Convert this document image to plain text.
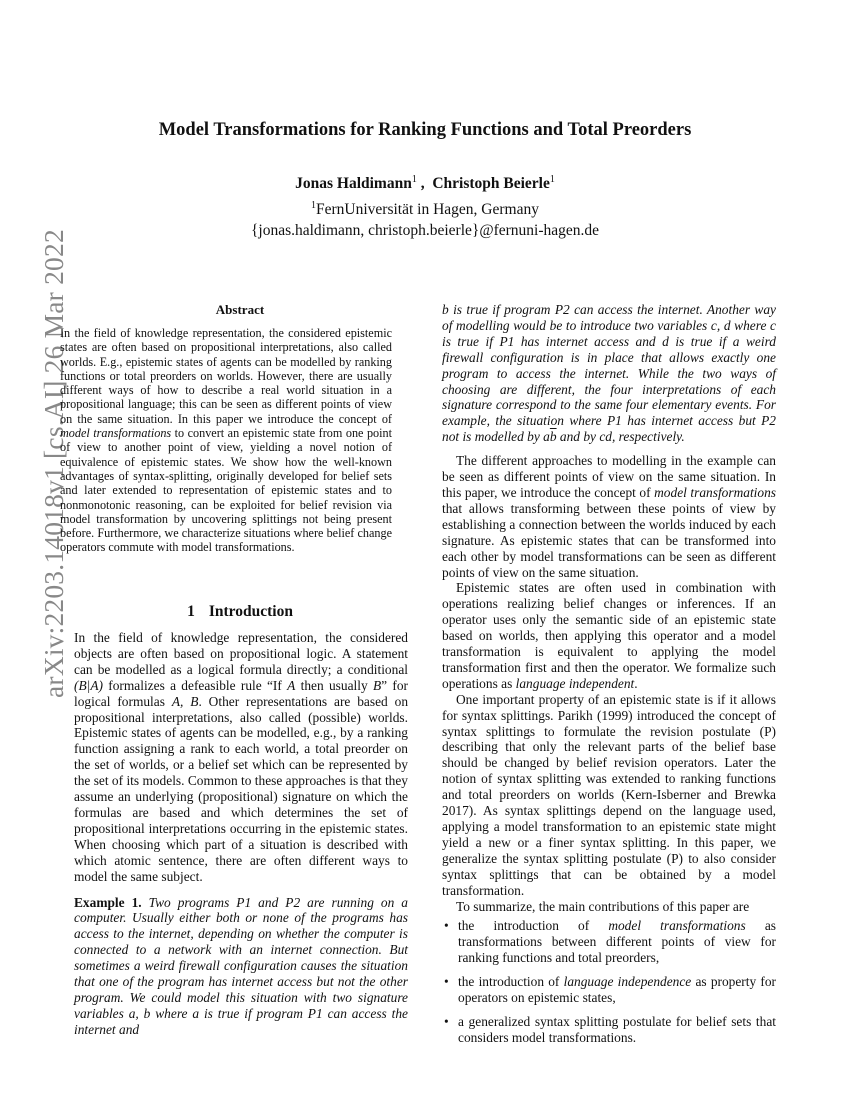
arXiv:2203.14018v1 [cs.AI] 26 Mar 2022
Model Transformations for Ranking Functions and Total Preorders
Jonas Haldimann$^1$ ,  Christoph Beierle$^1$
$^1$FernUniversität in Hagen, Germany
{jonas.haldimann, christoph.beierle}@fernuni-hagen.de
Abstract

In the field of knowledge representation, the considered epistemic states are often based on propositional interpretations, also called worlds. E.g., epistemic states of agents can be modelled by ranking functions or total preorders on worlds. However, there are usually different ways of how to describe a real world situation in a propositional language; this can be seen as different points of view on the same situation. In this paper we introduce the concept of model transformations to convert an epistemic state from one point of view to another point of view, yielding a novel notion of equivalence of epistemic states. We show how the well-known advantages of syntax-splitting, originally developed for belief sets and later extended to representation of epistemic states and to nonmonotonic reasoning, can be exploited for belief revision via model transformation by uncovering splittings not being present before. Furthermore, we characterize situations where belief change operators commute with model transformations.

1 Introduction

In the field of knowledge representation, the considered objects are often based on propositional logic. A statement can be modelled as a logical formula directly; a conditional (B|A) formalizes a defeasible rule “If A then usually B” for logical formulas A, B. Other representations are based on propositional interpretations, also called (possible) worlds. Epistemic states of agents can be modelled, e.g., by a ranking function assigning a rank to each world, a total preorder on the set of worlds, or a belief set which can be represented by the set of its models. Common to these approaches is that they assume an underlying (propositional) signature on which the formulas are based and which determines the set of propositional interpretations occurring in the epistemic states. When choosing which part of a situation is described with which atomic sentence, there are often different ways to model the same subject.

Example 1. Two programs P1 and P2 are running on a computer. Usually either both or none of the programs has access to the internet, depending on whether the computer is connected to a network with an internet connection. But sometimes a weird firewall configuration causes the situation that one of the program has internet access but not the other program. We could model this situation with two signature variables a, b where a is true if program P1 can access the internet and

b is true if program P2 can access the internet. Another way of modelling would be to introduce two variables c, d where c is true if P1 has internet access and d is true if a weird firewall configuration is in place that allows exactly one program to access the internet. While the two ways of choosing are different, the four interpretations of each signature correspond to the same four elementary events. For example, the situation where P1 has internet access but P2 not is modelled by $a\overline{b}$ and by cd, respectively.

The different approaches to modelling in the example can be seen as different points of view on the same situation. In this paper, we introduce the concept of model transformations that allows transforming between these points of view by establishing a connection between the worlds induced by each signature. As epistemic states that can be transformed into each other by model transformations can be seen as different points of view on the same situation.

Epistemic states are often used in combination with operations realizing belief changes or inferences. If an operator uses only the semantic side of an epistemic state based on worlds, then applying this operator and a model transformation is equivalent to applying the model transformation first and then the operator. We formalize such operations as language independent.

One important property of an epistemic state is if it allows for syntax splittings. Parikh (1999) introduced the concept of syntax splittings to formulate the revision postulate (P) describing that only the relevant parts of the belief base should be changed by belief revision operators. Later the notion of syntax splitting was extended to ranking functions and total preorders on worlds (Kern-Isberner and Brewka 2017). As syntax splittings depend on the language used, applying a model transformation to an epistemic state might yield a new or a finer syntax splitting. In this paper, we generalize the syntax splitting postulate (P) to also consider syntax splittings that can be obtained by a model transformation.

To summarize, the main contributions of this paper are

• the introduction of model transformations as transformations between different points of view for ranking functions and total preorders,
• the introduction of language independence as property for operators on epistemic states,
• a generalized syntax splitting postulate for belief sets that considers model transformations.
